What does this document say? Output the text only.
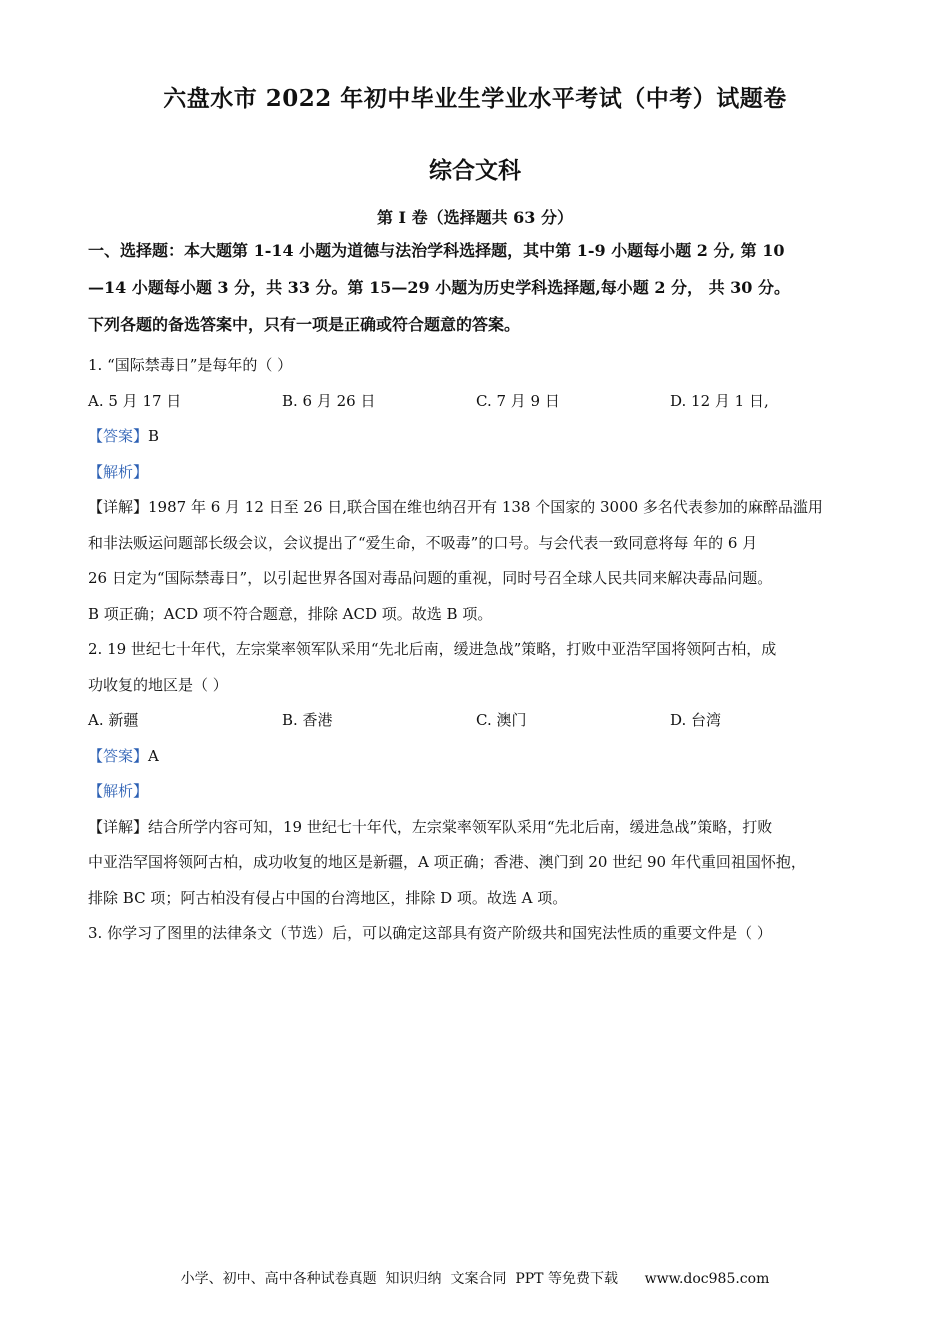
六盘水市 2022 年初中毕业生学业水平考试（中考）试题卷
综合文科
第 I 卷（选择题共 63 分）

一、选择题：本大题第 1-14 小题为道德与法治学科选择题，其中第 1-9 小题每小题 2 分, 第 10

—14 小题每小题 3 分，共 33 分。第 15—29 小题为历史学科选择题,每小题 2 分， 共 30 分。

下列各题的备选答案中，只有一项是正确或符合题意的答案。

1. “国际禁毒日”是每年的（ ）

A. 5 月 17 日	B. 6 月 26 日	C. 7 月 9 日	D. 12 月 1 日,

【答案】B

【解析】

【详解】1987 年 6 月 12 日至 26 日,联合国在维也纳召开有 138 个国家的 3000 多名代表参加的麻醉品滥用

和非法贩运问题部长级会议，会议提出了“爱生命，不吸毒”的口号。与会代表一致同意将每 年的 6 月

26 日定为“国际禁毒日”，以引起世界各国对毒品问题的重视，同时号召全球人民共同来解决毒品问题。

B 项正确；ACD 项不符合题意，排除 ACD 项。故选 B 项。

2. 19 世纪七十年代，左宗棠率领军队采用“先北后南，缓进急战”策略，打败中亚浩罕国将领阿古柏，成

功收复的地区是（ ）

A. 新疆	B. 香港	C. 澳门	D. 台湾

【答案】A

【解析】

【详解】结合所学内容可知，19 世纪七十年代，左宗棠率领军队采用“先北后南，缓进急战”策略，打败

中亚浩罕国将领阿古柏，成功收复的地区是新疆，A 项正确；香港、澳门到 20 世纪 90 年代重回祖国怀抱，

排除 BC 项；阿古柏没有侵占中国的台湾地区，排除 D 项。故选 A 项。

3. 你学习了图里的法律条文（节选）后，可以确定这部具有资产阶级共和国宪法性质的重要文件是（ ）

小学、初中、高中各种试卷真题  知识归纳  文案合同  PPT 等免费下载      www.doc985.com
